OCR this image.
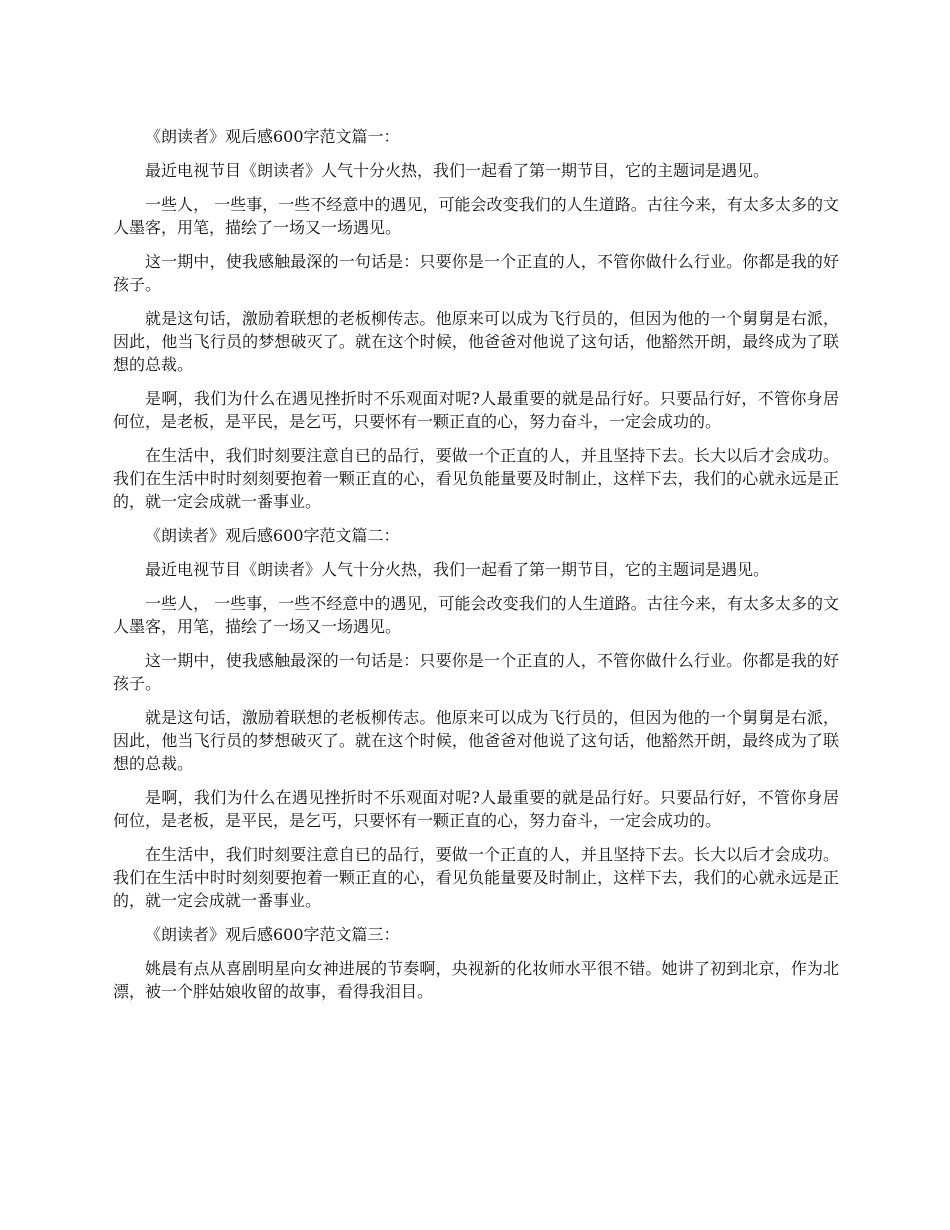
《朗读者》观后感600字范文篇一：

最近电视节目《朗读者》人气十分火热，我们一起看了第一期节目，它的主题词是遇见。

一些人， 一些事，一些不经意中的遇见，可能会改变我们的人生道路。古往今来，有太多太多的文人墨客，用笔，描绘了一场又一场遇见。

这一期中，使我感触最深的一句话是：只要你是一个正直的人，不管你做什么行业。你都是我的好孩子。

就是这句话，激励着联想的老板柳传志。他原来可以成为飞行员的，但因为他的一个舅舅是右派，因此，他当飞行员的梦想破灭了。就在这个时候，他爸爸对他说了这句话，他豁然开朗，最终成为了联想的总裁。

是啊，我们为什么在遇见挫折时不乐观面对呢?人最重要的就是品行好。只要品行好，不管你身居何位，是老板，是平民，是乞丐，只要怀有一颗正直的心，努力奋斗，一定会成功的。

在生活中，我们时刻要注意自已的品行，要做一个正直的人，并且坚持下去。长大以后才会成功。我们在生活中时时刻刻要抱着一颗正直的心，看见负能量要及时制止，这样下去，我们的心就永远是正的，就一定会成就一番事业。

《朗读者》观后感600字范文篇二：

最近电视节目《朗读者》人气十分火热，我们一起看了第一期节目，它的主题词是遇见。

一些人， 一些事，一些不经意中的遇见，可能会改变我们的人生道路。古往今来，有太多太多的文人墨客，用笔，描绘了一场又一场遇见。

这一期中，使我感触最深的一句话是：只要你是一个正直的人，不管你做什么行业。你都是我的好孩子。

就是这句话，激励着联想的老板柳传志。他原来可以成为飞行员的，但因为他的一个舅舅是右派，因此，他当飞行员的梦想破灭了。就在这个时候，他爸爸对他说了这句话，他豁然开朗，最终成为了联想的总裁。

是啊，我们为什么在遇见挫折时不乐观面对呢?人最重要的就是品行好。只要品行好，不管你身居何位，是老板，是平民，是乞丐，只要怀有一颗正直的心，努力奋斗，一定会成功的。

在生活中，我们时刻要注意自已的品行，要做一个正直的人，并且坚持下去。长大以后才会成功。我们在生活中时时刻刻要抱着一颗正直的心，看见负能量要及时制止，这样下去，我们的心就永远是正的，就一定会成就一番事业。

《朗读者》观后感600字范文篇三：

姚晨有点从喜剧明星向女神进展的节奏啊，央视新的化妆师水平很不错。她讲了初到北京，作为北 漂，被一个胖姑娘收留的故事，看得我泪目。
